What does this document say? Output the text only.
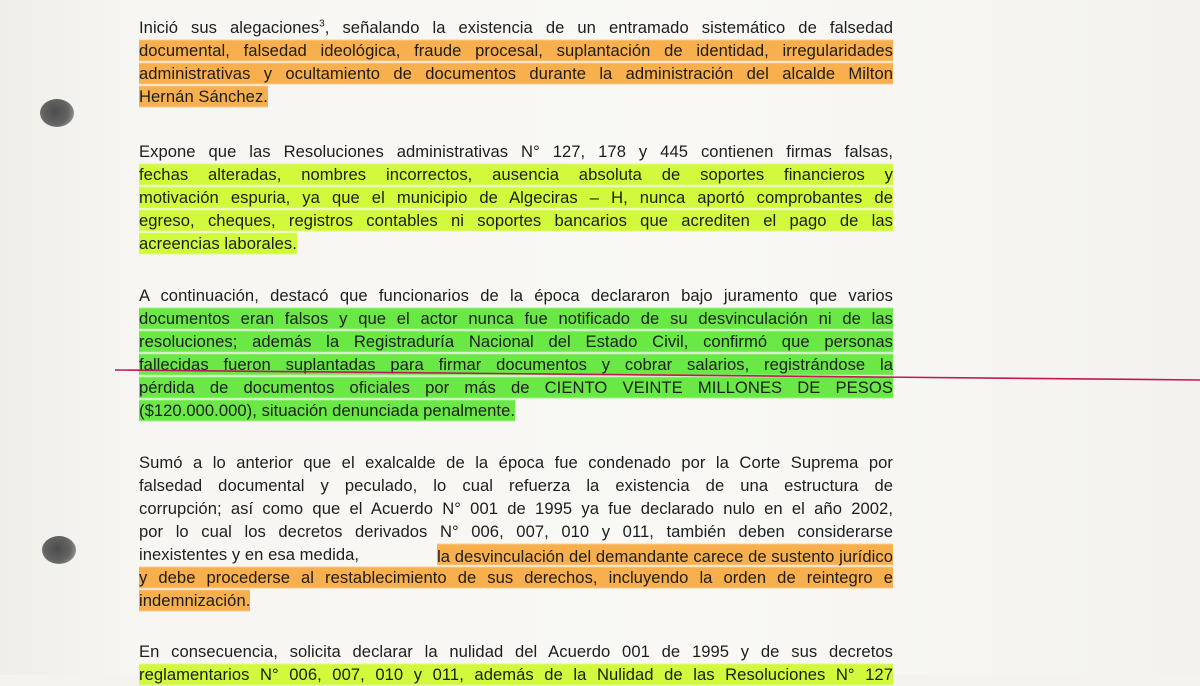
Inició sus alegaciones$^3$, señalando la existencia de un entramado sistemático de falsedad
documental, falsedad ideológica, fraude procesal, suplantación de identidad, irregularidades
administrativas y ocultamiento de documentos durante la administración del alcalde Milton
Hernán Sánchez.
Expone que las Resoluciones administrativas N° 127, 178 y 445 contienen firmas falsas,
fechas alteradas, nombres incorrectos, ausencia absoluta de soportes financieros y
motivación espuria, ya que el municipio de Algeciras – H, nunca aportó comprobantes de
egreso, cheques, registros contables ni soportes bancarios que acrediten el pago de las
acreencias laborales.
A continuación, destacó que funcionarios de la época declararon bajo juramento que varios
documentos eran falsos y que el actor nunca fue notificado de su desvinculación ni de las
resoluciones; además la Registraduría Nacional del Estado Civil, confirmó que personas
fallecidas fueron suplantadas para firmar documentos y cobrar salarios, registrándose la
pérdida de documentos oficiales por más de CIENTO VEINTE MILLONES DE PESOS
($120.000.000), situación denunciada penalmente.
Sumó a lo anterior que el exalcalde de la época fue condenado por la Corte Suprema por
falsedad documental y peculado, lo cual refuerza la existencia de una estructura de
corrupción; así como que el Acuerdo N° 001 de 1995 ya fue declarado nulo en el año 2002,
por lo cual los decretos derivados N° 006, 007, 010 y 011, también deben considerarse
inexistentes y en esa medida,	la desvinculación del demandante carece de sustento jurídico
y debe procederse al restablecimiento de sus derechos, incluyendo la orden de reintegro e
indemnización.
En consecuencia, solicita declarar la nulidad del Acuerdo 001 de 1995 y de sus decretos
reglamentarios N° 006, 007, 010 y 011, además de la Nulidad de las Resoluciones N° 127
